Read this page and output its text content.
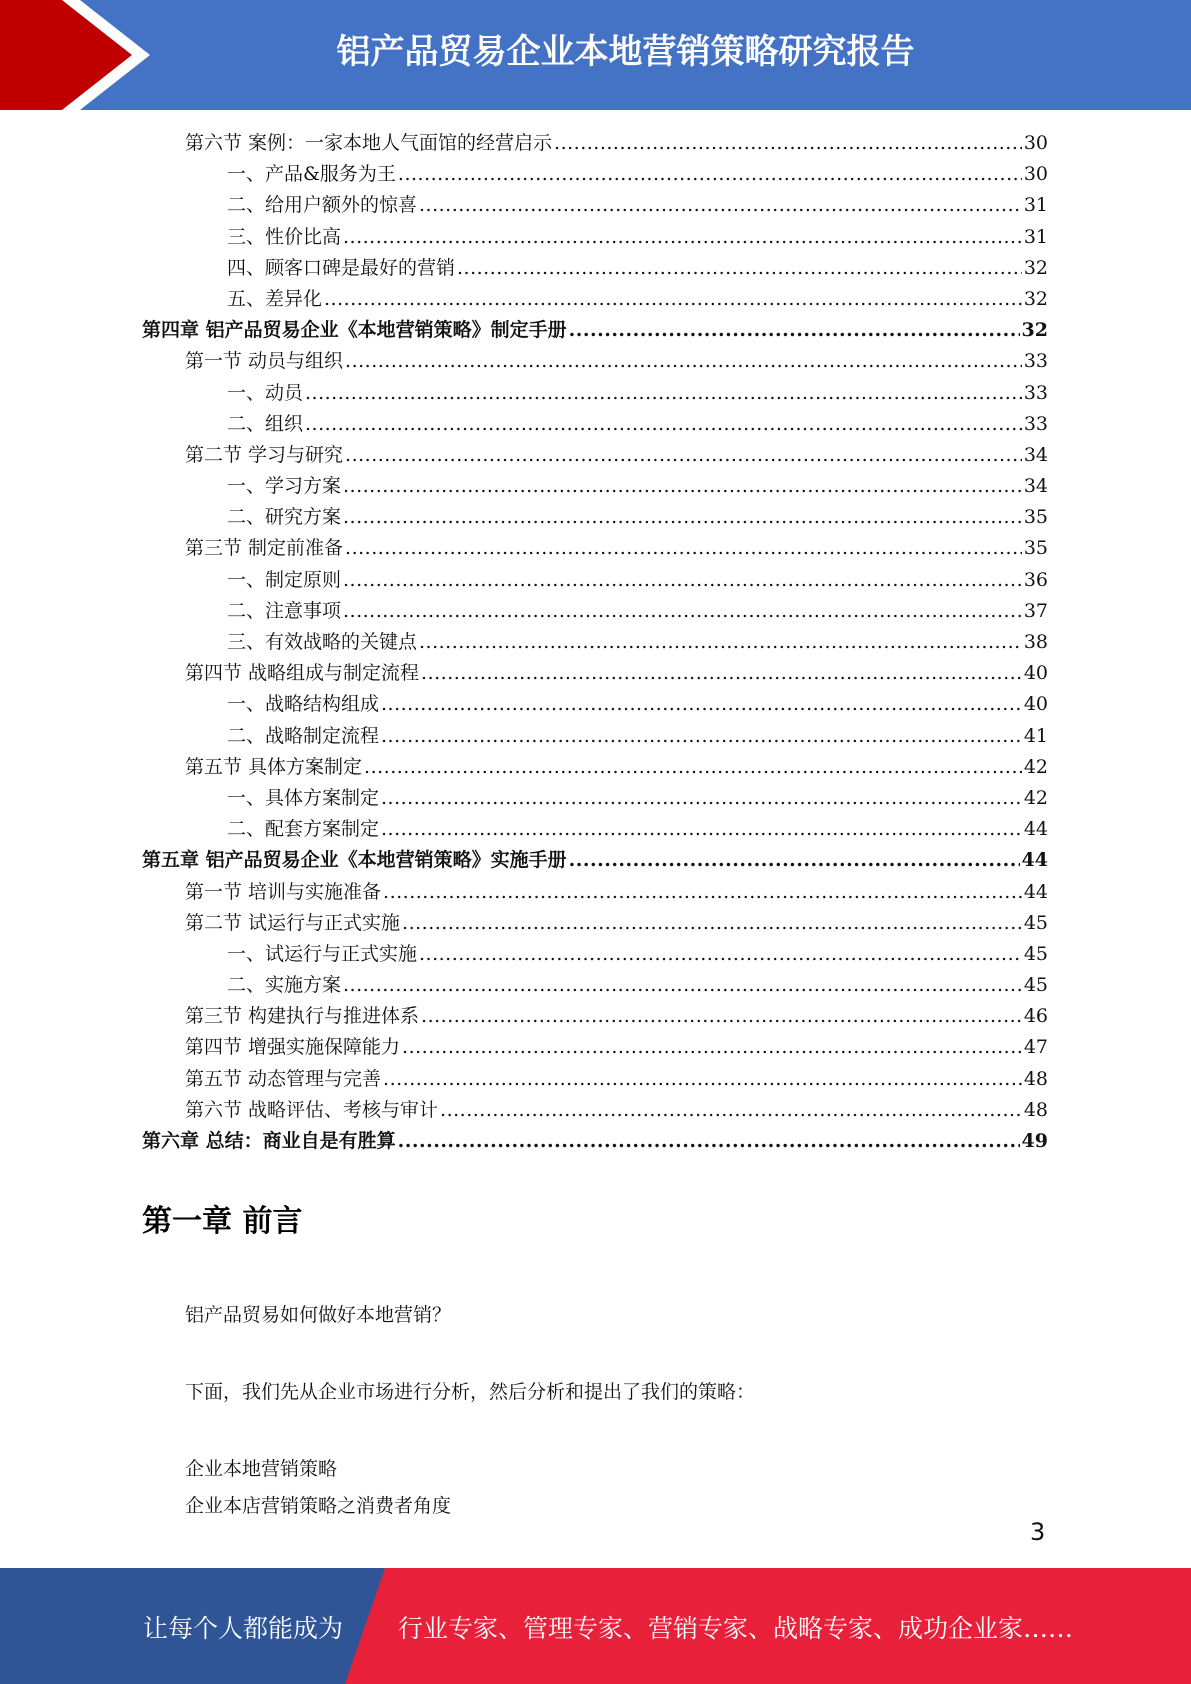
铝产品贸易企业本地营销策略研究报告
第六节 案例：一家本地人气面馆的经营启示 .....	30
一、产品&服务为王 .....	30
二、给用户额外的惊喜 .....	31
三、性价比高 .....	31
四、顾客口碑是最好的营销 .....	32
五、差异化 .....	32
第四章 铝产品贸易企业《本地营销策略》制定手册 .....	32
第一节 动员与组织 .....	33
一、动员 .....	33
二、组织 .....	33
第二节 学习与研究 .....	34
一、学习方案 .....	34
二、研究方案 .....	35
第三节 制定前准备 .....	35
一、制定原则 .....	36
二、注意事项 .....	37
三、有效战略的关键点 .....	38
第四节 战略组成与制定流程 .....	40
一、战略结构组成 .....	40
二、战略制定流程 .....	41
第五节 具体方案制定 .....	42
一、具体方案制定 .....	42
二、配套方案制定 .....	44
第五章 铝产品贸易企业《本地营销策略》实施手册 .....	44
第一节 培训与实施准备 .....	44
第二节 试运行与正式实施 .....	45
一、试运行与正式实施 .....	45
二、实施方案 .....	45
第三节 构建执行与推进体系 .....	46
第四节 增强实施保障能力 .....	47
第五节 动态管理与完善 .....	48
第六节 战略评估、考核与审计 .....	48
第六章 总结：商业自是有胜算 .....	49
第一章 前言
铝产品贸易如何做好本地营销？
下面，我们先从企业市场进行分析，然后分析和提出了我们的策略：
企业本地营销策略
企业本店营销策略之消费者角度
3
让每个人都能成为 行业专家、管理专家、营销专家、战略专家、成功企业家……
